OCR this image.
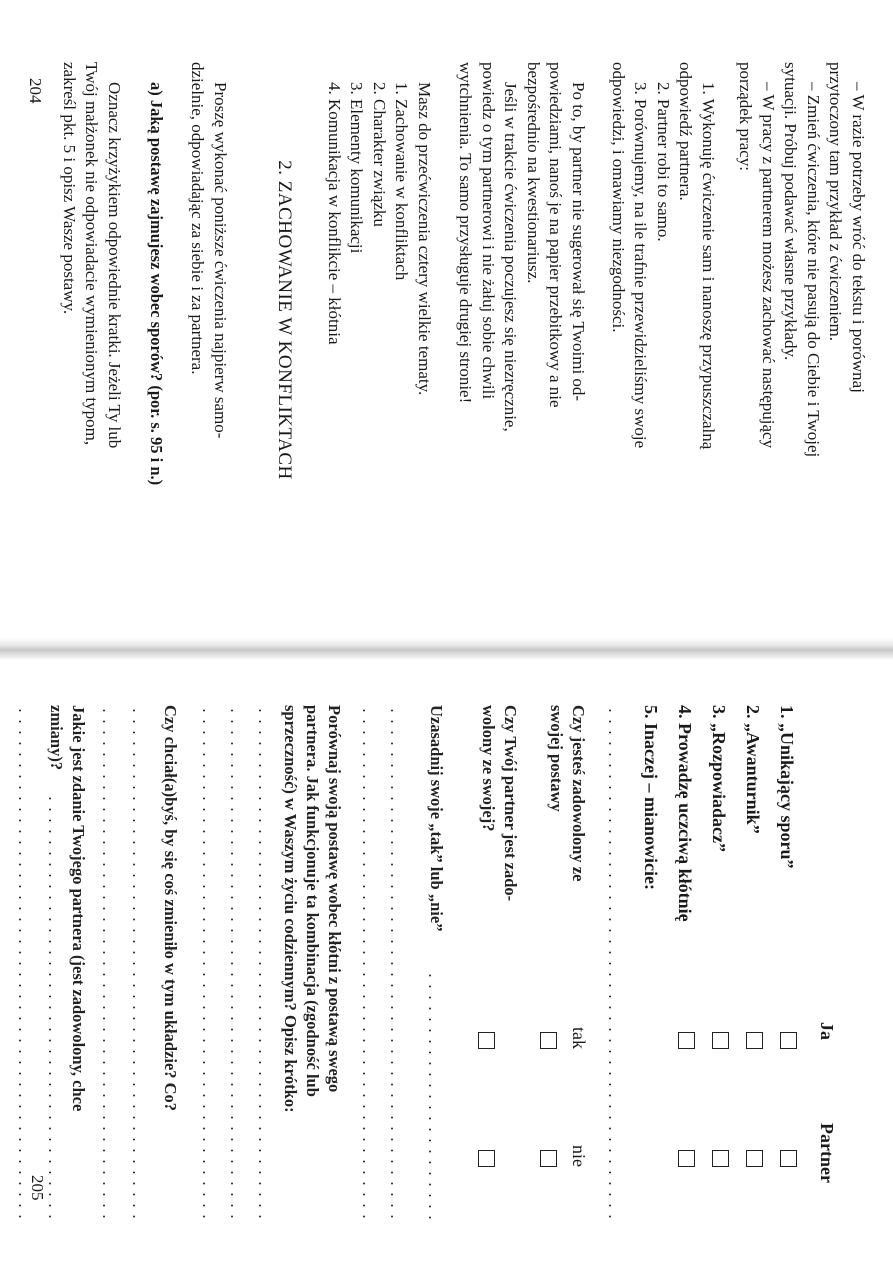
– W razie potrzeby wróć do tekstu i porównaj
przytoczony tam przykład z ćwiczeniem.
– Zmień ćwiczenia, które nie pasują do Ciebie i Twojej
sytuacji. Próbuj podawać własne przykłady.
– W pracy z partnerem możesz zachować następujący
porządek pracy:
1. Wykonuję ćwiczenie sam i nanoszę przypuszczalną
odpowiedź partnera.
2. Partner robi to samo.
3. Porównujemy, na ile trafnie przewidzieliśmy swoje
odpowiedzi, i omawiamy niezgodności.
Po to, by partner nie sugerował się Twoimi od-
powiedziami, nanoś je na papier przebitkowy a nie
bezpośrednio na kwestionariusz.
Jeśli w trakcie ćwiczenia poczujesz się niezręcznie,
powiedz o tym partnerowi i nie żałuj sobie chwili
wytchnienia. To samo przysługuje drugiej stronie!
Masz do przećwiczenia cztery wielkie tematy.
1. Zachowanie w konfliktach
2. Charakter związku
3. Elementy komunikacji
4. Komunikacja w konflikcie – kłótnia
2. ZACHOWANIE W KONFLIKTACH
Proszę wykonać poniższe ćwiczenia najpierw samo-
dzielnie, odpowiadając za siebie i za partnera.
a) Jaką postawę zajmujesz wobec sporów? (por. s. 95 i n.)
Oznacz krzyżykiem odpowiednie kratki. Jeżeli Ty lub
Twój małżonek nie odpowiadacie wymienionym typom,
zakreśl pkt. 5 i opisz Wasze postawy.
204
Ja
Partner
1. „Unikający sporu”
2. „Awanturnik”
3. „Rozpowiadacz”
4. Prowadzę uczciwą kłótnię
5. Inaczej – mianowicie:
Czy jesteś zadowolony ze
swojej postawy
tak
nie
Czy Twój partner jest zado-
wolony ze swojej?
Uzasadnij swoje „tak” lub „nie”
Porównaj swoją postawę wobec kłótni z postawą swego
partnera. Jak funkcjonuje ta kombinacja (zgodność lub
sprzeczność) w Waszym życiu codziennym? Opisz krótko:
Czy chciał(a)byś, by się coś zmieniło w tym układzie? Co?
Jakie jest zdanie Twojego partnera (jest zadowolony, chce
zmiany)?
205
